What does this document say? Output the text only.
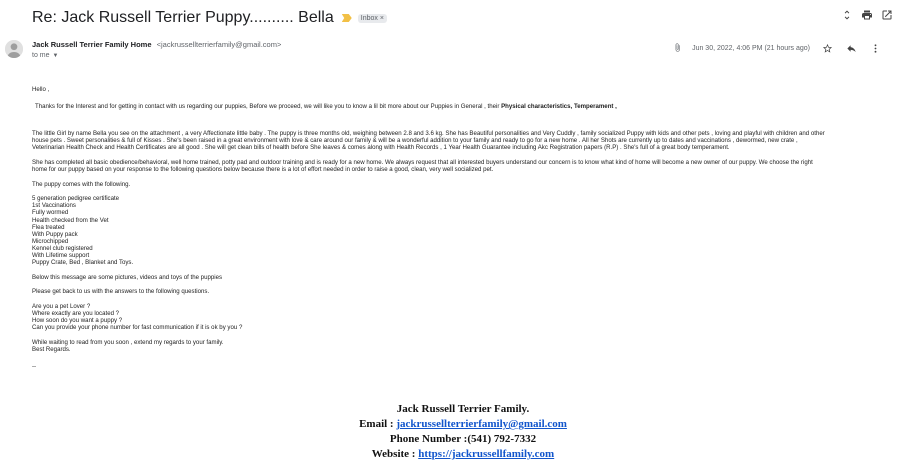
Re: Jack Russell Terrier Puppy.......... Bella	Inbox ×
Jack Russell Terrier Family Home <jackrussellterrierfamily@gmail.com>
to me ▼
Jun 30, 2022, 4:06 PM (21 hours ago)

Hello ,

Thanks for the Interest and for getting in contact with us regarding our puppies, Before we proceed, we will like you to know a lil bit more about our Puppies in General , their Physical characteristics, Temperament ,

The little Girl by name Bella you see on the attachment , a very Affectionate little baby . The puppy is three months old, weighing between 2.8 and 3.6 kg. She has Beautiful personalities and Very Cuddly , family socialized Puppy with kids and other pets , loving and playful with children and other

house pets . Sweet personalities & full of Kisses . She's been raised in a great environment with love & care around our family & will be a wonderful addition to your family and ready to go for a new home . All her Shots are currently up to dates and vaccinations , dewormed, new crate ,

Veterinarian Health Check and Health Certificates are all good . She will get clean bills of health before She leaves & comes along with Health Records , 1 Year Health Guarantee including Akc Registration papers (R.P) . She's full of a great body temperament.

She has completed all basic obedience/behavioral, well home trained, potty pad and outdoor training and is ready for a new home. We always request that all interested buyers understand our concern is to know what kind of home will become a new owner of our puppy. We choose the right

home for our puppy based on your response to the following questions below because there is a lot of effort needed in order to raise a good, clean, very well socialized pet.

The puppy comes with the following.

5 generation pedigree certificate

1st Vaccinations

Fully wormed

Health checked from the Vet

Flea treated

With Puppy pack

Microchipped

Kennel club registered

With Lifetime support

Puppy Crate, Bed , Blanket and Toys.

Below this message are some pictures, videos and toys of the puppies

Please get back to us with the answers to the following questions.

Are you a pet Lover ?

Where exactly are you located ?

How soon do you want a puppy ?

Can you provide your phone number for fast communication if it is ok by you ?

While waiting to read from you soon , extend my regards to your family.

Best Regards.

--

Jack Russell Terrier Family.
Email : jackrussellterrierfamily@gmail.com
Phone Number :(541) 792-7332
Website : https://jackrussellfamily.com
